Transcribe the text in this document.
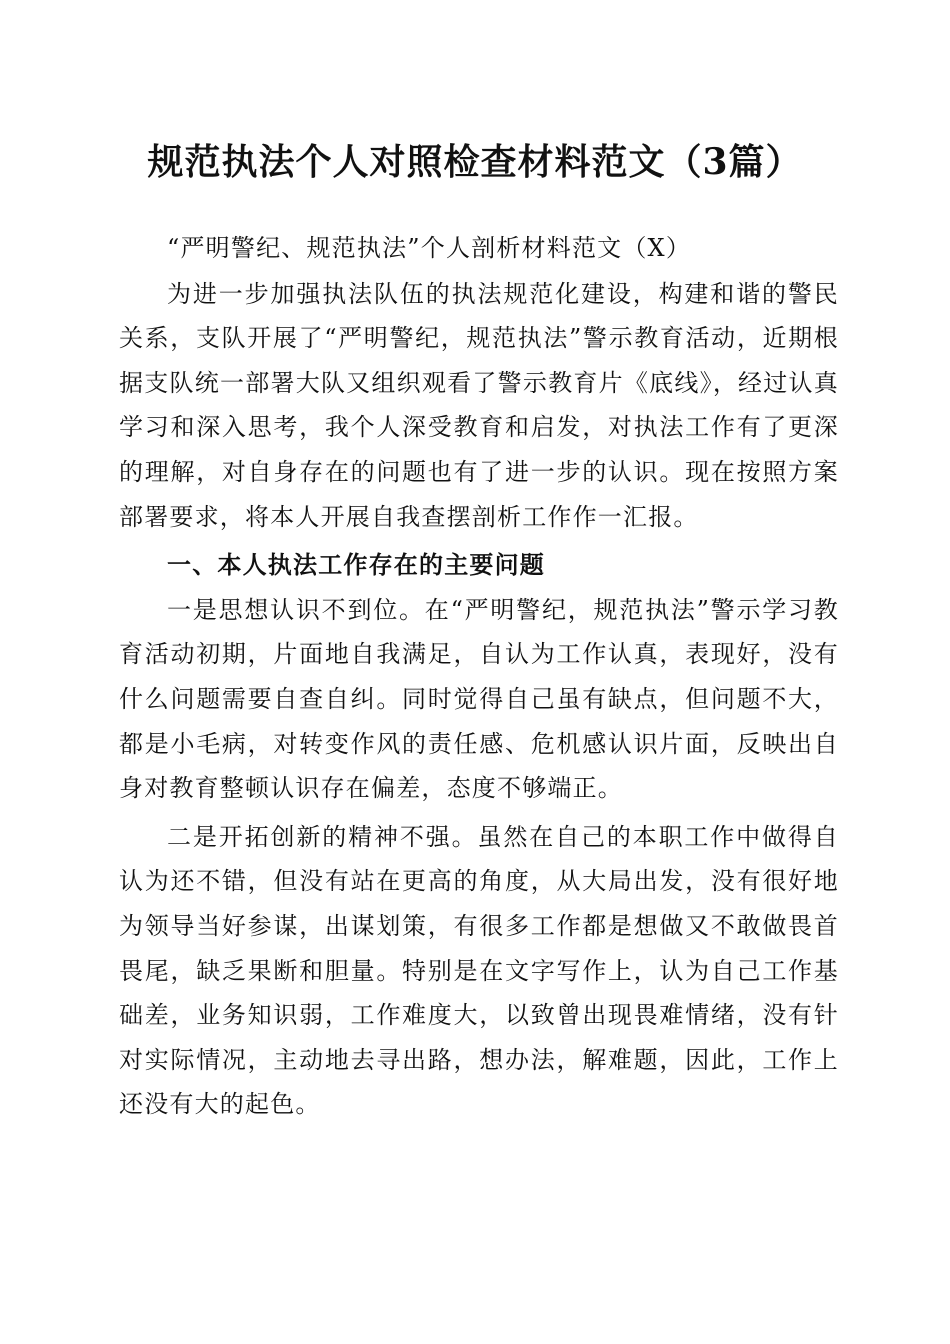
规范执法个人对照检查材料范文（3篇）

“严明警纪、规范执法”个人剖析材料范文（X）

为进一步加强执法队伍的执法规范化建设，构建和谐的警民关系，支队开展了“严明警纪，规范执法”警示教育活动，近期根据支队统一部署大队又组织观看了警示教育片《底线》，经过认真学习和深入思考，我个人深受教育和启发，对执法工作有了更深的理解，对自身存在的问题也有了进一步的认识。现在按照方案部署要求，将本人开展自我查摆剖析工作作一汇报。

一、本人执法工作存在的主要问题

一是思想认识不到位。在“严明警纪，规范执法”警示学习教育活动初期，片面地自我满足，自认为工作认真，表现好，没有什么问题需要自查自纠。同时觉得自己虽有缺点，但问题不大，都是小毛病，对转变作风的责任感、危机感认识片面，反映出自身对教育整顿认识存在偏差，态度不够端正。

二是开拓创新的精神不强。虽然在自己的本职工作中做得自认为还不错，但没有站在更高的角度，从大局出发，没有很好地为领导当好参谋，出谋划策，有很多工作都是想做又不敢做畏首畏尾，缺乏果断和胆量。特别是在文字写作上，认为自己工作基础差，业务知识弱，工作难度大，以致曾出现畏难情绪，没有针对实际情况，主动地去寻出路，想办法，解难题，因此，工作上还没有大的起色。
